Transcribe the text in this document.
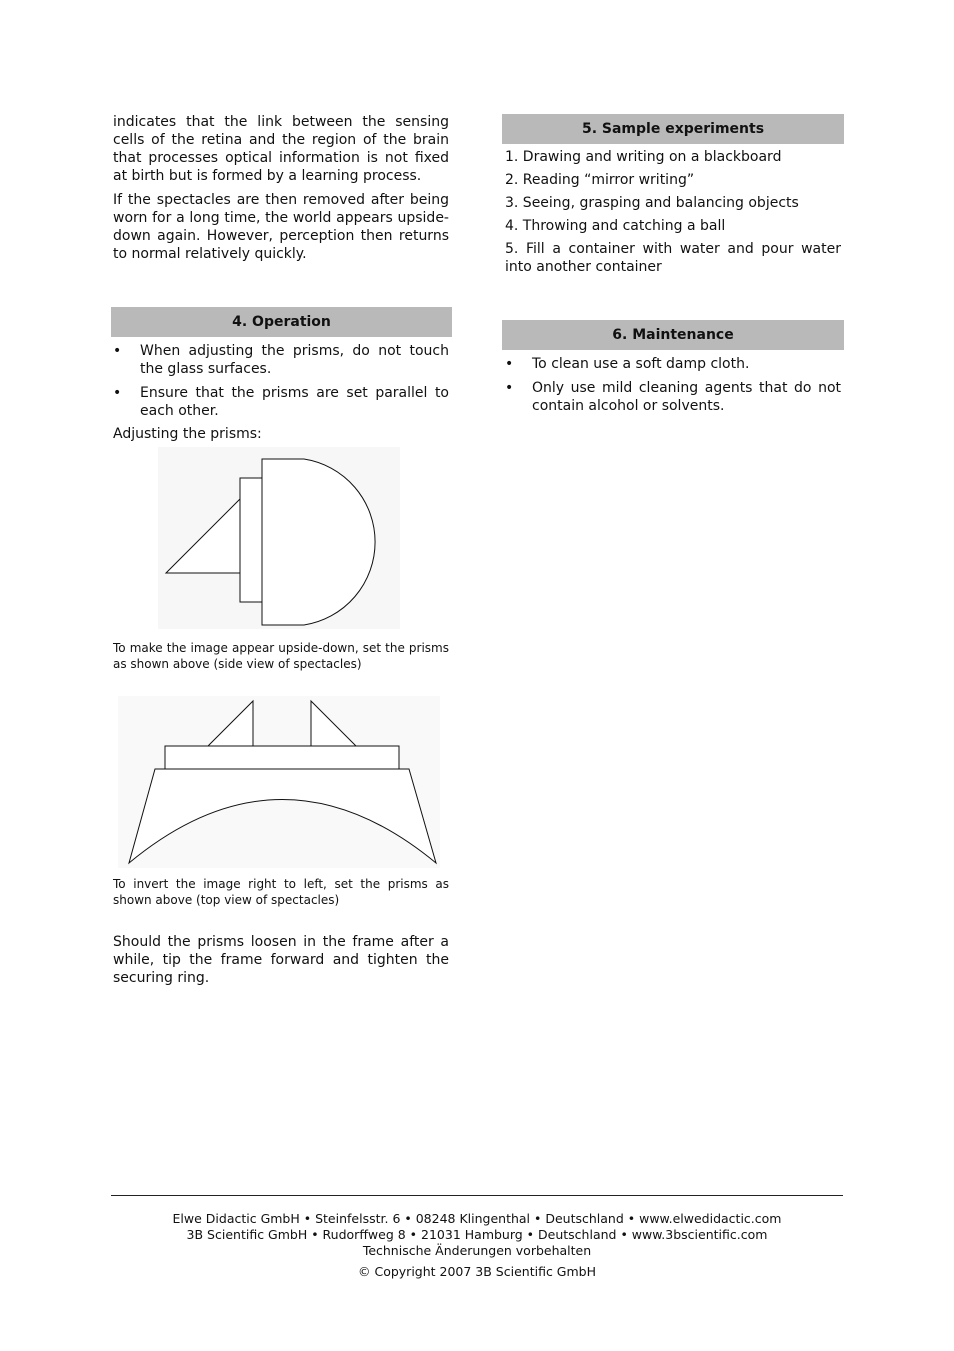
indicates that the link between the sensing cells of the retina and the region of the brain that processes optical information is not fixed at birth but is formed by a learning process.

If the spectacles are then removed after being worn for a long time, the world appears upside-down again. However, perception then returns to normal relatively quickly.

4. Operation
•	When adjusting the prisms, do not touch the glass surfaces.
•	Ensure that the prisms are set parallel to each other.

Adjusting the prisms:

To make the image appear upside-down, set the prisms as shown above (side view of spectacles)

To invert the image right to left, set the prisms as shown above (top view of spectacles)

Should the prisms loosen in the frame after a while, tip the frame forward and tighten the securing ring.

5. Sample experiments
1. Drawing and writing on a blackboard
2. Reading “mirror writing”
3. Seeing, grasping and balancing objects
4. Throwing and catching a ball
5. Fill a container with water and pour water into another container
6. Maintenance
•	To clean use a soft damp cloth.
•	Only use mild cleaning agents that do not contain alcohol or solvents.
Elwe Didactic GmbH • Steinfelsstr. 6 • 08248 Klingenthal • Deutschland • www.elwedidactic.com
3B Scientific GmbH • Rudorffweg 8 • 21031 Hamburg • Deutschland • www.3bscientific.com
Technische Änderungen vorbehalten
© Copyright 2007 3B Scientific GmbH
